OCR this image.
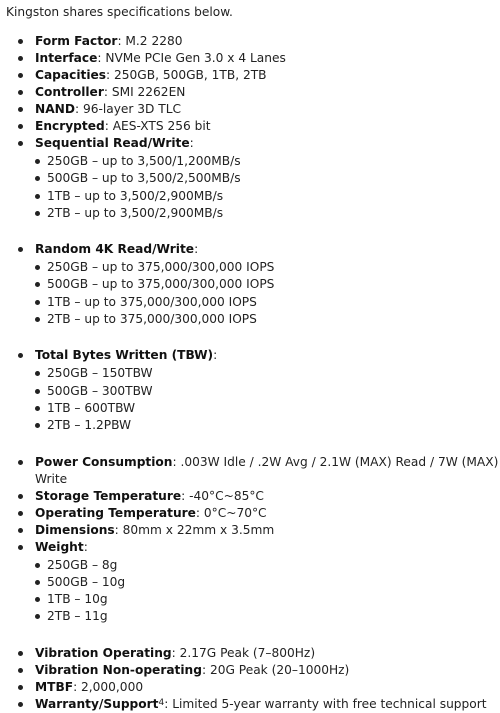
Kingston shares specifications below.
Form Factor: M.2 2280
Interface: NVMe PCIe Gen 3.0 x 4 Lanes
Capacities: 250GB, 500GB, 1TB, 2TB
Controller: SMI 2262EN
NAND: 96-layer 3D TLC
Encrypted: AES-XTS 256 bit
Sequential Read/Write:
250GB – up to 3,500/1,200MB/s
500GB – up to 3,500/2,500MB/s
1TB – up to 3,500/2,900MB/s
2TB – up to 3,500/2,900MB/s
Random 4K Read/Write:
250GB – up to 375,000/300,000 IOPS
500GB – up to 375,000/300,000 IOPS
1TB – up to 375,000/300,000 IOPS
2TB – up to 375,000/300,000 IOPS
Total Bytes Written (TBW):
250GB – 150TBW
500GB – 300TBW
1TB – 600TBW
2TB – 1.2PBW
Power Consumption: .003W Idle / .2W Avg / 2.1W (MAX) Read / 7W (MAX) Write
Storage Temperature: -40°C~85°C
Operating Temperature: 0°C~70°C
Dimensions: 80mm x 22mm x 3.5mm
Weight:
250GB – 8g
500GB – 10g
1TB – 10g
2TB – 11g
Vibration Operating: 2.17G Peak (7–800Hz)
Vibration Non-operating: 20G Peak (20–1000Hz)
MTBF: 2,000,000
Warranty/Support$^4$: Limited 5-year warranty with free technical support
